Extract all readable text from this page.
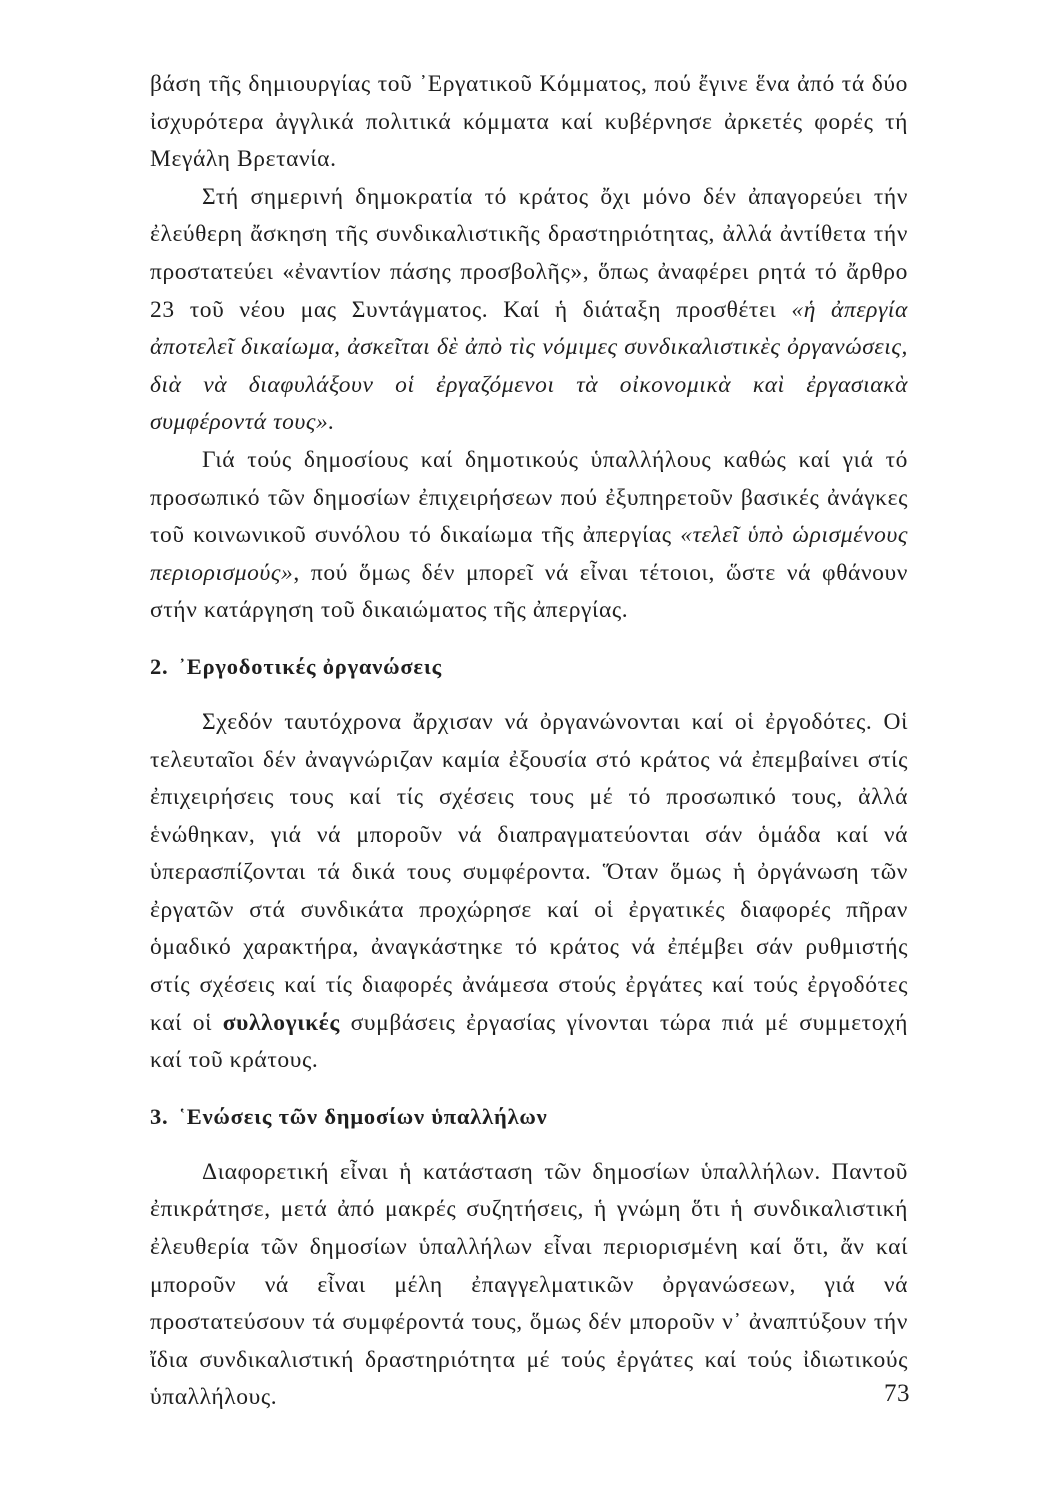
βάση τῆς δημιουργίας τοῦ ᾿Εργατικοῦ Κόμματος, πού ἔγινε ἕνα ἀπό τά δύο ἰσχυρότερα ἀγγλικά πολιτικά κόμματα καί κυβέρνησε ἀρκετές φορές τή Μεγάλη Βρετανία.

Στή σημερινή δημοκρατία τό κράτος ὄχι μόνο δέν ἀπαγορεύει τήν ἐλεύθερη ἄσκηση τῆς συνδικαλιστικῆς δραστηριότητας, ἀλλά ἀντίθετα τήν προστατεύει «ἐναντίον πάσης προσβολῆς», ὅπως ἀναφέρει ρητά τό ἄρθρο 23 τοῦ νέου μας Συντάγματος. Καί ἡ διάταξη προσθέτει «ἡ ἀπεργία ἀποτελεῖ δικαίωμα, ἀσκεῖται δὲ ἀπὸ τὶς νόμιμες συνδικαλιστικὲς ὀργανώσεις, διὰ νὰ διαφυλάξουν οἱ ἐργαζόμενοι τὰ οἰκονομικὰ καὶ ἐργασιακὰ συμφέροντά τους».

Γιά τούς δημοσίους καί δημοτικούς ὑπαλλήλους καθώς καί γιά τό προσωπικό τῶν δημοσίων ἐπιχειρήσεων πού ἐξυπηρετοῦν βασικές ἀνάγκες τοῦ κοινωνικοῦ συνόλου τό δικαίωμα τῆς ἀπεργίας «τελεῖ ὑπὸ ὡρισμένους περιορισμούς», πού ὅμως δέν μπορεῖ νά εἶναι τέτοιοι, ὥστε νά φθάνουν στήν κατάργηση τοῦ δικαιώματος τῆς ἀπεργίας.

2. ᾿Εργοδοτικές ὀργανώσεις

Σχεδόν ταυτόχρονα ἄρχισαν νά ὀργανώνονται καί οἱ ἐργοδότες. Οἱ τελευταῖοι δέν ἀναγνώριζαν καμία ἐξουσία στό κράτος νά ἐπεμβαίνει στίς ἐπιχειρήσεις τους καί τίς σχέσεις τους μέ τό προσωπικό τους, ἀλλά ἑνώθηκαν, γιά νά μποροῦν νά διαπραγματεύονται σάν ὁμάδα καί νά ὑπερασπίζονται τά δικά τους συμφέροντα. Ὅταν ὅμως ἡ ὀργάνωση τῶν ἐργατῶν στά συνδικάτα προχώρησε καί οἱ ἐργατικές διαφορές πῆραν ὁμαδικό χαρακτήρα, ἀναγκάστηκε τό κράτος νά ἐπέμβει σάν ρυθμιστής στίς σχέσεις καί τίς διαφορές ἀνάμεσα στούς ἐργάτες καί τούς ἐργοδότες καί οἱ συλλογικές συμβάσεις ἐργασίας γίνονται τώρα πιά μέ συμμετοχή καί τοῦ κράτους.

3. ῾Ενώσεις τῶν δημοσίων ὑπαλλήλων

Διαφορετική εἶναι ἡ κατάσταση τῶν δημοσίων ὑπαλλήλων. Παντοῦ ἐπικράτησε, μετά ἀπό μακρές συζητήσεις, ἡ γνώμη ὅτι ἡ συνδικαλιστική ἐλευθερία τῶν δημοσίων ὑπαλλήλων εἶναι περιορισμένη καί ὅτι, ἄν καί μποροῦν νά εἶναι μέλη ἐπαγγελματικῶν ὀργανώσεων, γιά νά προστατεύσουν τά συμφέροντά τους, ὅμως δέν μποροῦν ν᾿ ἀναπτύξουν τήν ἴδια συνδικαλιστική δραστηριότητα μέ τούς ἐργάτες καί τούς ἰδιωτικούς ὑπαλλήλους.	73
